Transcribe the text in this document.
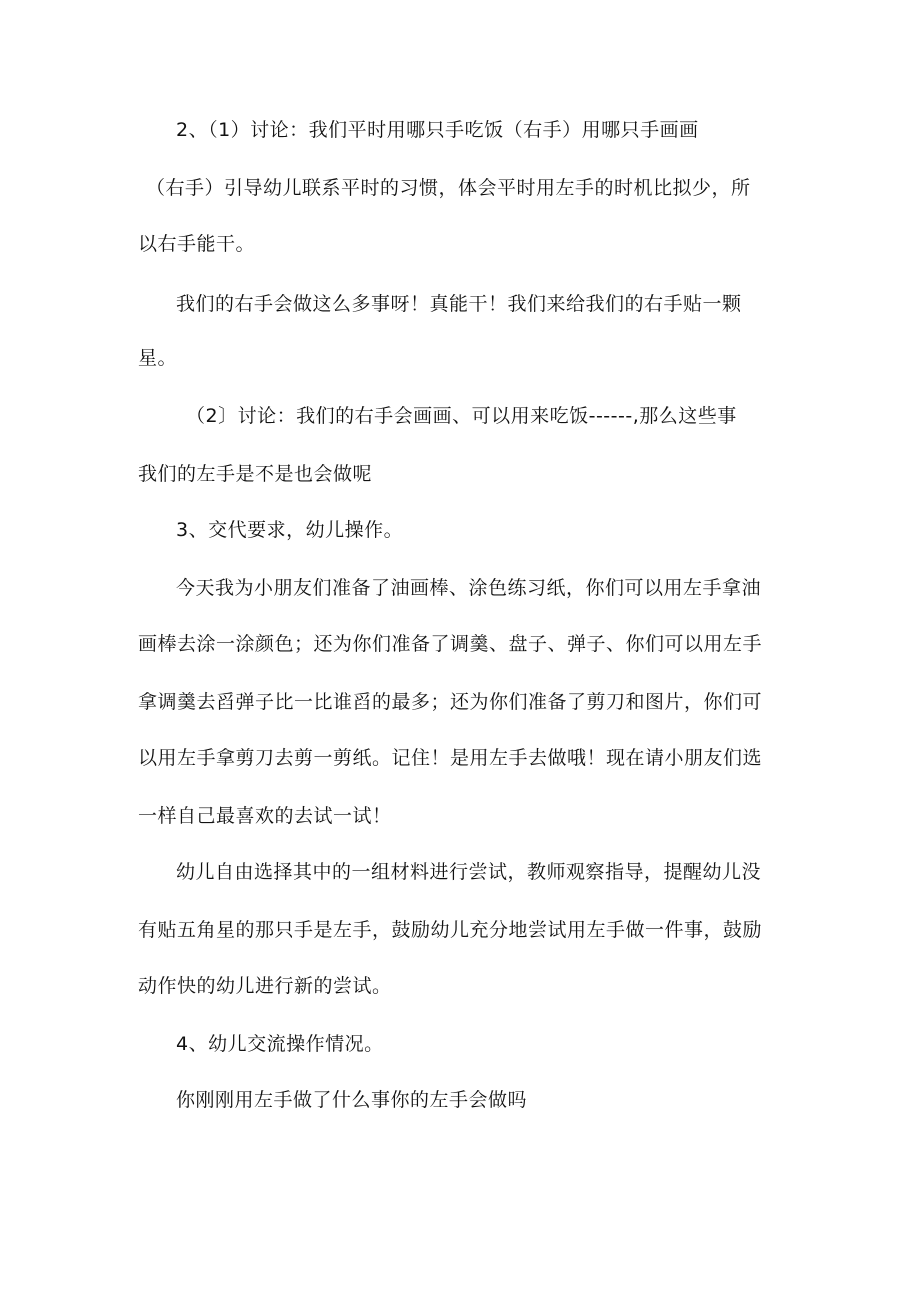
2、（1）讨论：我们平时用哪只手吃饭（右手）用哪只手画画
（右手）引导幼儿联系平时的习惯，体会平时用左手的时机比拟少，所
以右手能干。
我们的右手会做这么多事呀！真能干！我们来给我们的右手贴一颗
星。
（2〕讨论：我们的右手会画画、可以用来吃饭------,那么这些事
我们的左手是不是也会做呢
3、交代要求，幼儿操作。
今天我为小朋友们准备了油画棒、涂色练习纸，你们可以用左手拿油
画棒去涂一涂颜色；还为你们准备了调羹、盘子、弹子、你们可以用左手
拿调羹去舀弹子比一比谁舀的最多；还为你们准备了剪刀和图片，你们可
以用左手拿剪刀去剪一剪纸。记住！是用左手去做哦！现在请小朋友们选
一样自己最喜欢的去试一试！
幼儿自由选择其中的一组材料进行尝试，教师观察指导，提醒幼儿没
有贴五角星的那只手是左手，鼓励幼儿充分地尝试用左手做一件事，鼓励
动作快的幼儿进行新的尝试。
4、幼儿交流操作情况。
你刚刚用左手做了什么事你的左手会做吗
